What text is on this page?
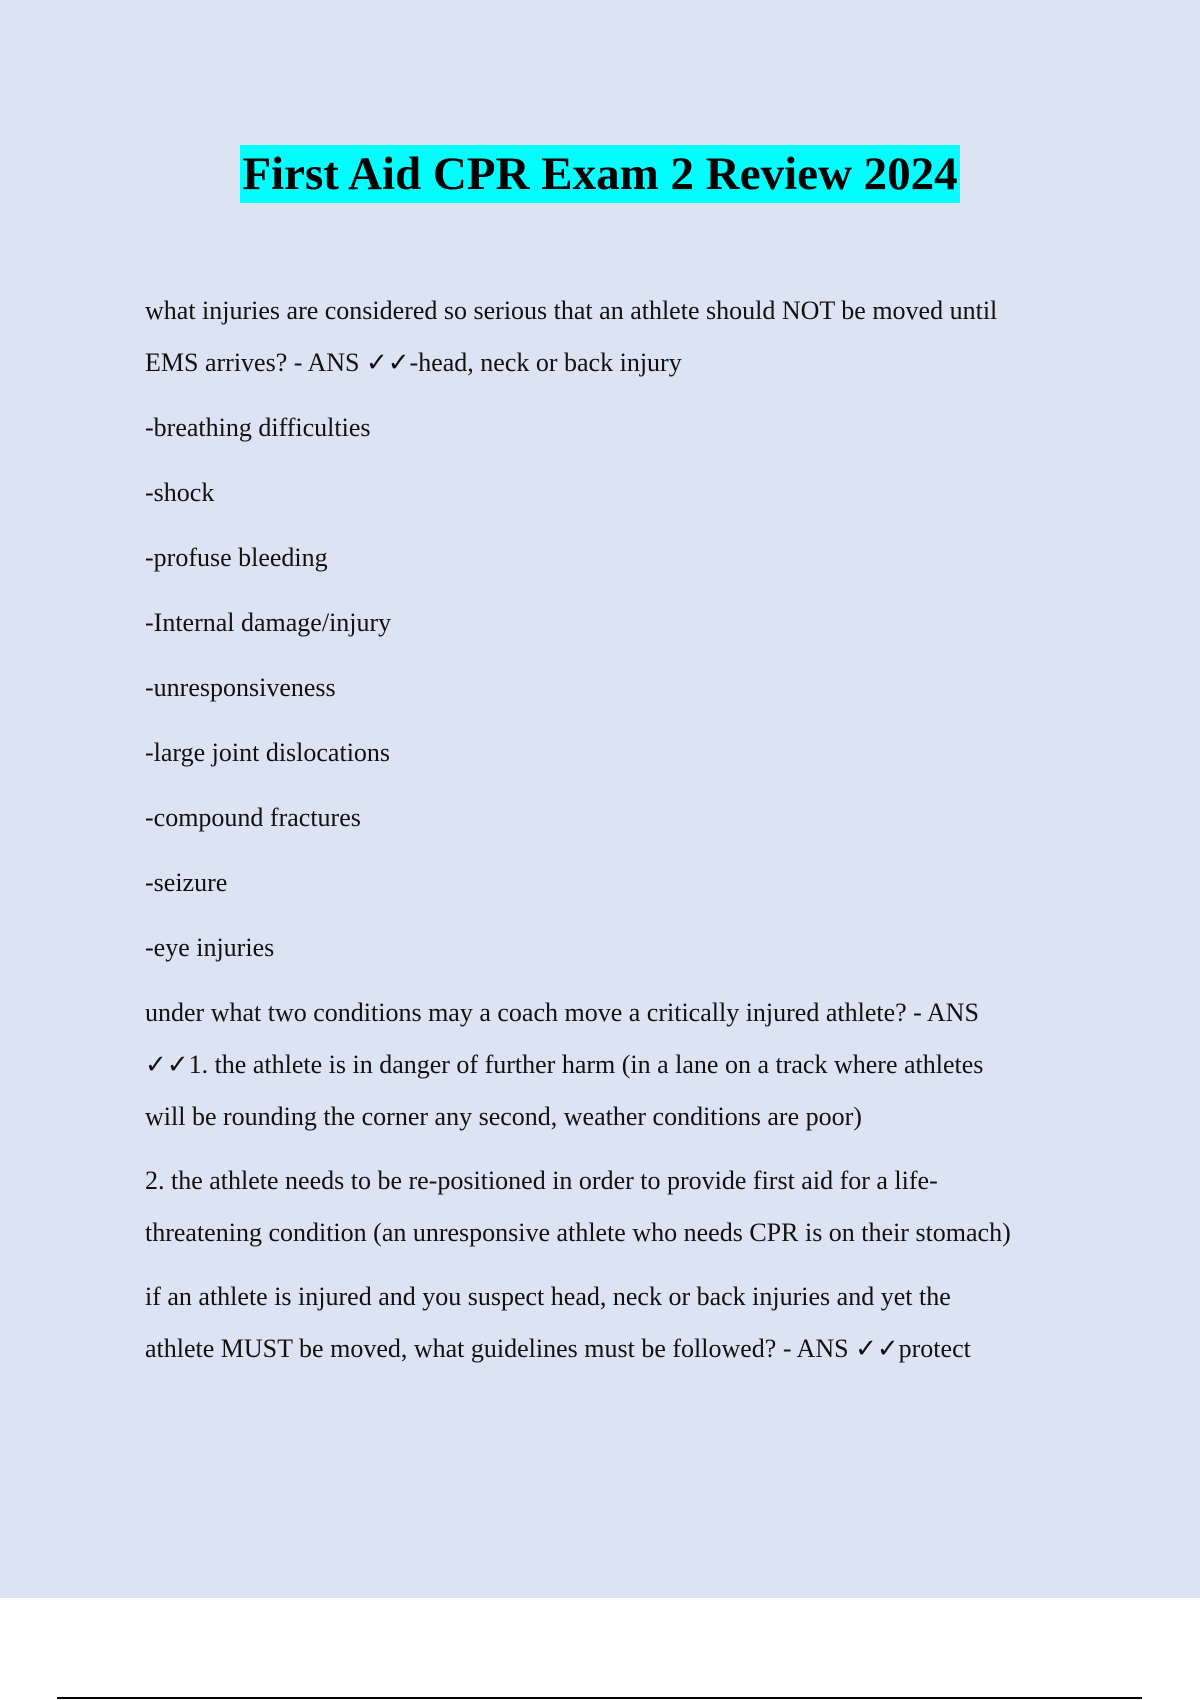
First Aid CPR Exam 2 Review 2024

what injuries are considered so serious that an athlete should NOT be moved until

EMS arrives? - ANS ✓✓-head, neck or back injury

-breathing difficulties

-shock

-profuse bleeding

-Internal damage/injury

-unresponsiveness

-large joint dislocations

-compound fractures

-seizure

-eye injuries

under what two conditions may a coach move a critically injured athlete? - ANS

✓✓1. the athlete is in danger of further harm (in a lane on a track where athletes

will be rounding the corner any second, weather conditions are poor)

2. the athlete needs to be re-positioned in order to provide first aid for a life-

threatening condition (an unresponsive athlete who needs CPR is on their stomach)

if an athlete is injured and you suspect head, neck or back injuries and yet the

athlete MUST be moved, what guidelines must be followed? - ANS ✓✓protect
